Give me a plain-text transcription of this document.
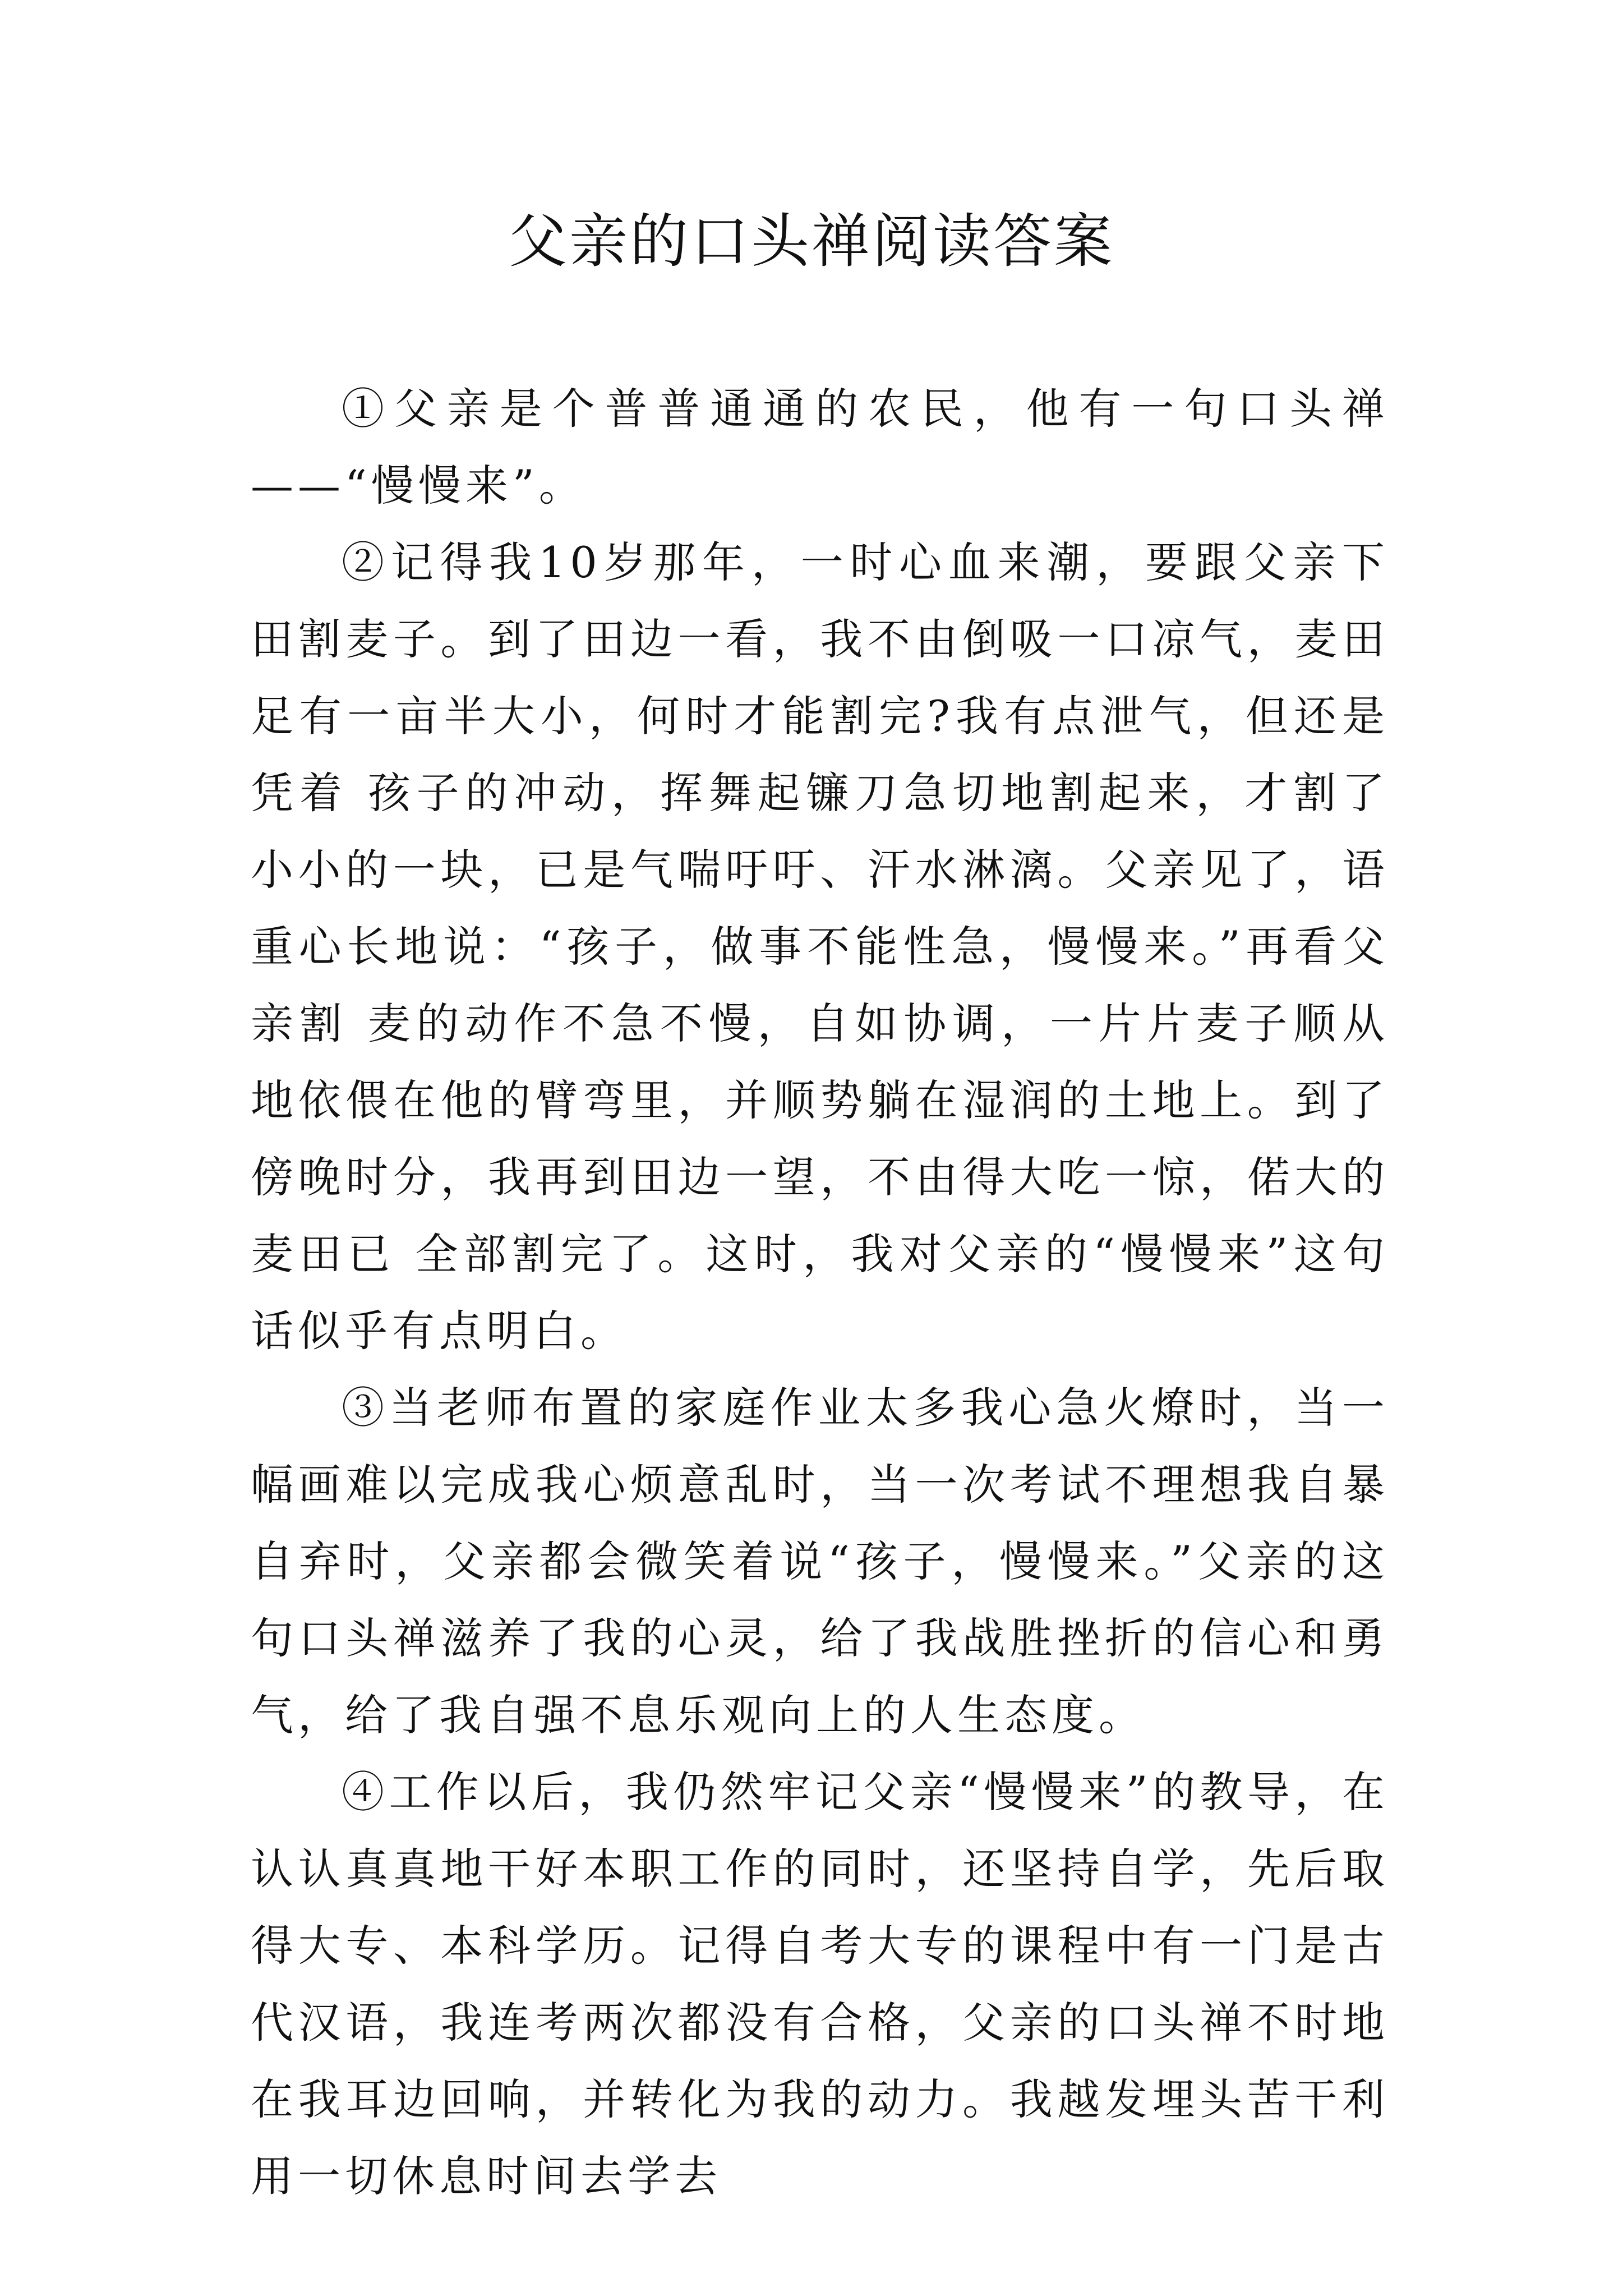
父亲的口头禅阅读答案

①父亲是个普普通通的农民，他有一句口头禅——“慢慢来”。

②记得我10岁那年，一时心血来潮，要跟父亲下田割麦子。到了田边一看，我不由倒吸一口凉气，麦田足有一亩半大小，何时才能割完?我有点泄气，但还是凭着 孩子的冲动，挥舞起镰刀急切地割起来，才割了小小的一块，已是气喘吁吁、汗水淋漓。父亲见了，语重心长地说：“孩子，做事不能性急，慢慢来。”再看父亲割 麦的动作不急不慢，自如协调，一片片麦子顺从地依偎在他的臂弯里，并顺势躺在湿润的土地上。到了傍晚时分，我再到田边一望，不由得大吃一惊，偌大的麦田已 全部割完了。这时，我对父亲的“慢慢来”这句话似乎有点明白。

③当老师布置的家庭作业太多我心急火燎时，当一幅画难以完成我心烦意乱时，当一次考试不理想我自暴自弃时，父亲都会微笑着说“孩子，慢慢来。”父亲的这句口头禅滋养了我的心灵，给了我战胜挫折的信心和勇气，给了我自强不息乐观向上的人生态度。

④工作以后，我仍然牢记父亲“慢慢来”的教导，在认认真真地干好本职工作的同时，还坚持自学，先后取得大专、本科学历。记得自考大专的课程中有一门是古代汉语，我连考两次都没有合格，父亲的口头禅不时地在我耳边回响，并转化为我的动力。我越发埋头苦干利用一切休息时间去学去
